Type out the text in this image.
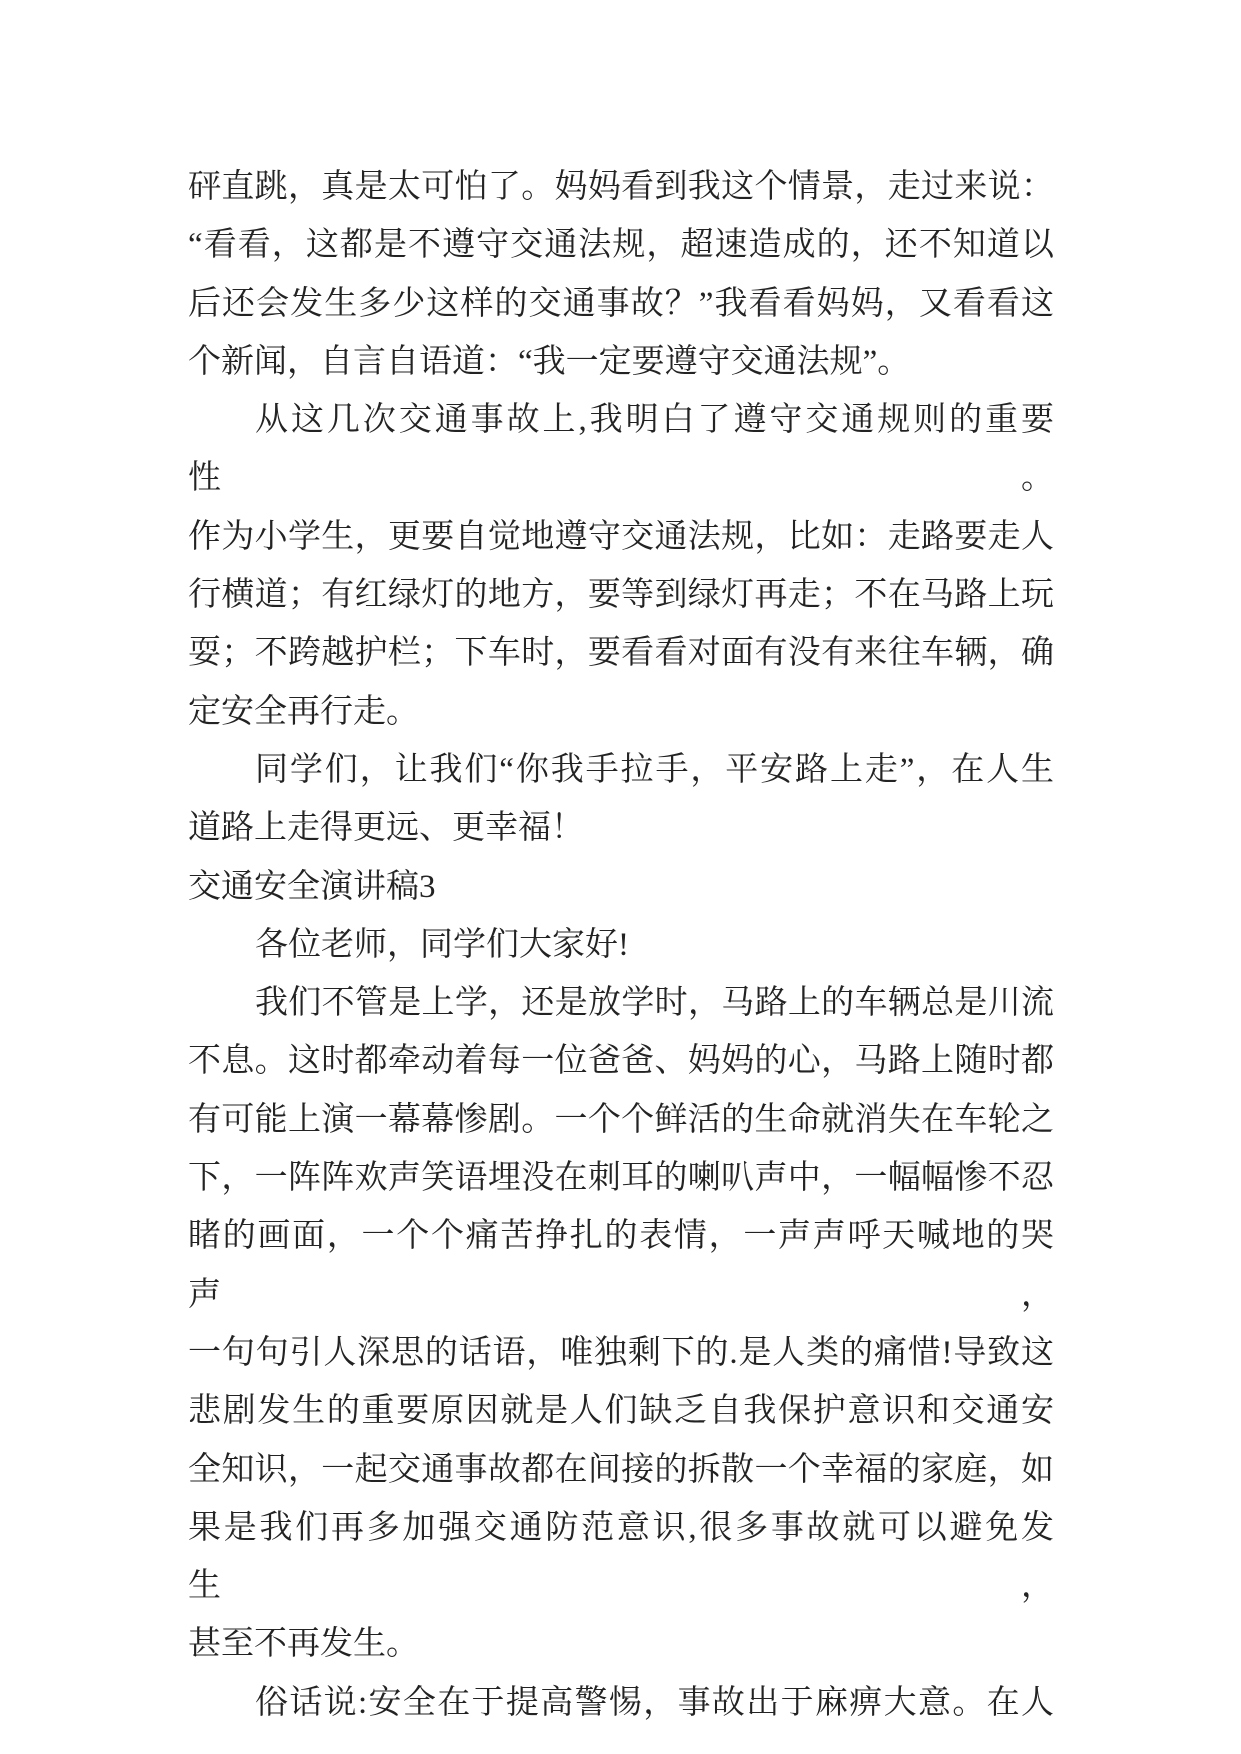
砰直跳，真是太可怕了。妈妈看到我这个情景，走过来说：
“看看，这都是不遵守交通法规，超速造成的，还不知道以
后还会发生多少这样的交通事故？”我看看妈妈，又看看这
个新闻，自言自语道：“我一定要遵守交通法规”。
从这几次交通事故上,我明白了遵守交通规则的重要性。
作为小学生，更要自觉地遵守交通法规，比如：走路要走人
行横道；有红绿灯的地方，要等到绿灯再走；不在马路上玩
耍；不跨越护栏；下车时，要看看对面有没有来往车辆，确
定安全再行走。
同学们，让我们“你我手拉手，平安路上走”，在人生
道路上走得更远、更幸福！
交通安全演讲稿3
各位老师，同学们大家好!
我们不管是上学，还是放学时，马路上的车辆总是川流
不息。这时都牵动着每一位爸爸、妈妈的心，马路上随时都
有可能上演一幕幕惨剧。一个个鲜活的生命就消失在车轮之
下，一阵阵欢声笑语埋没在刺耳的喇叭声中，一幅幅惨不忍
睹的画面，一个个痛苦挣扎的表情，一声声呼天喊地的哭声，
一句句引人深思的话语，唯独剩下的.是人类的痛惜!导致这
悲剧发生的重要原因就是人们缺乏自我保护意识和交通安
全知识，一起交通事故都在间接的拆散一个幸福的家庭，如
果是我们再多加强交通防范意识,很多事故就可以避免发生，
甚至不再发生。
俗话说:安全在于提高警惕，事故出于麻痹大意。在人
